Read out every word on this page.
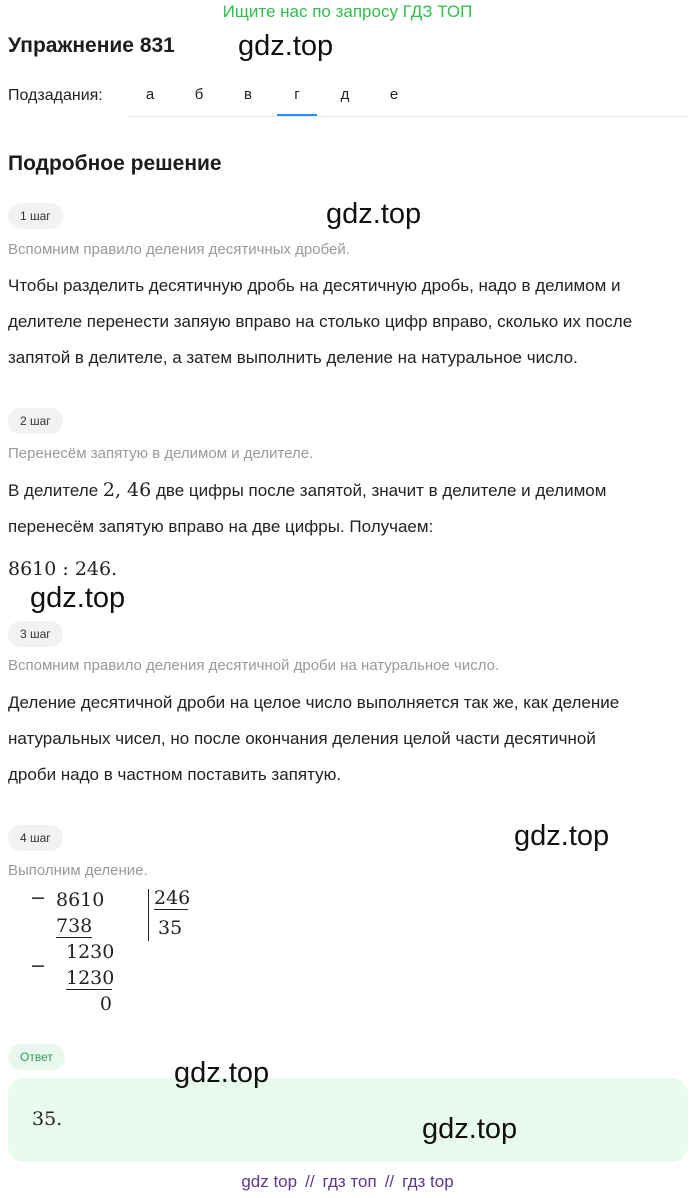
Ищите нас по запросу ГДЗ ТОП
Упражнение 831 gdz.top
Подзадания:	а	б	в	г	д	е
Подробное решение
1 шаг	gdz.top
Вспомним правило деления десятичных дробей.
Чтобы разделить десятичную дробь на десятичную дробь, надо в делимом и
делителе перенести запяую вправо на столько цифр вправо, сколько их после
запятой в делителе, а затем выполнить деление на натуральное число.
2 шаг
Перенесём запятую в делимом и делителе.
В делителе 2, 46 две цифры после запятой, значит в делителе и делимом
перенесём запятую вправо на две цифры. Получаем:
8610 : 246.
gdz.top
3 шаг
Вспомним правило деления десятичной дроби на натуральное число.
Деление десятичной дроби на целое число выполняется так же, как деление
натуральных чисел, но после окончания деления целой части десятичной
дроби надо в частном поставить запятую.
4 шаг	gdz.top
Выполним деление.
− 8610
738
246
35
−
1230
1230
0
Ответ
35.
gdz.top
gdz.top
gdz top // гдз топ // гдз top
